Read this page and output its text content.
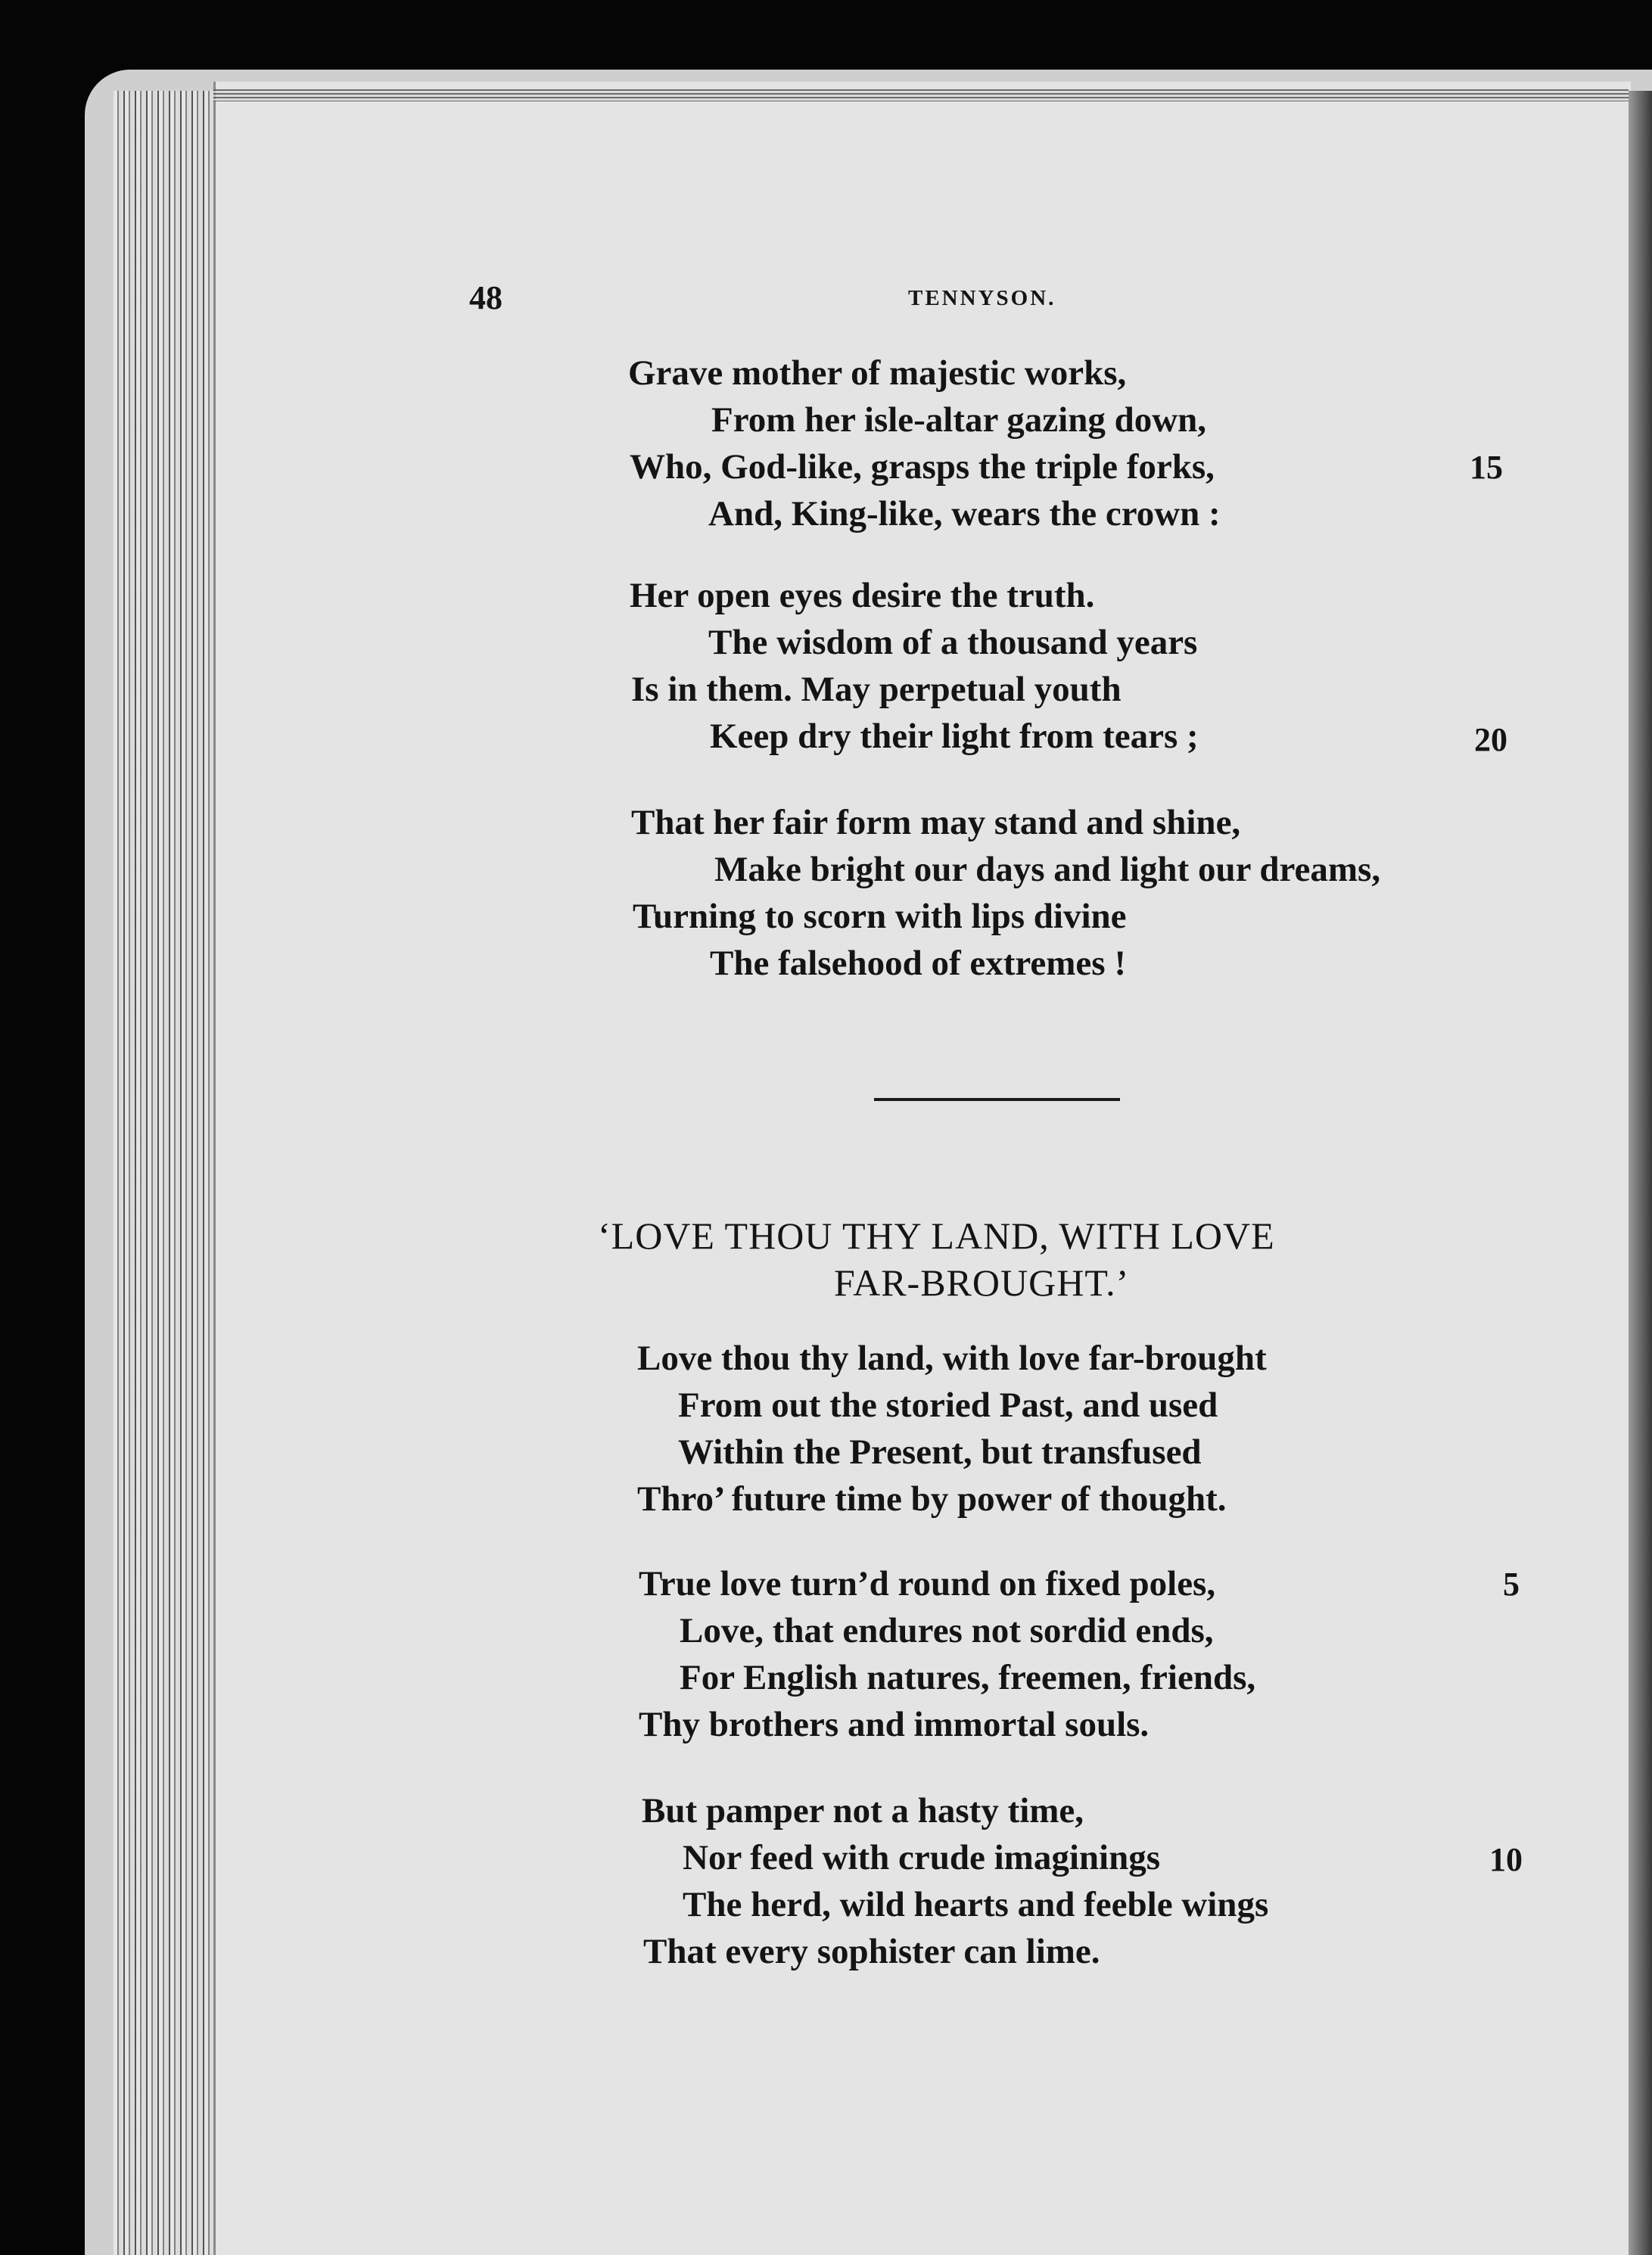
48	TENNYSON.
Grave mother of majestic works,
From her isle-altar gazing down,
Who, God-like, grasps the triple forks,
And, King-like, wears the crown :
15
Her open eyes desire the truth.
The wisdom of a thousand years
Is in them. May perpetual youth
Keep dry their light from tears ;	20
That her fair form may stand and shine,
Make bright our days and light our dreams,
Turning to scorn with lips divine
The falsehood of extremes !
‘LOVE THOU THY LAND, WITH LOVE
FAR-BROUGHT.’
Love thou thy land, with love far-brought
From out the storied Past, and used
Within the Present, but transfused
Thro’ future time by power of thought.
True love turn’d round on fixed poles,
Love, that endures not sordid ends,
For English natures, freemen, friends,
Thy brothers and immortal souls.
5
But pamper not a hasty time,
Nor feed with crude imaginings
The herd, wild hearts and feeble wings
That every sophister can lime.
10
